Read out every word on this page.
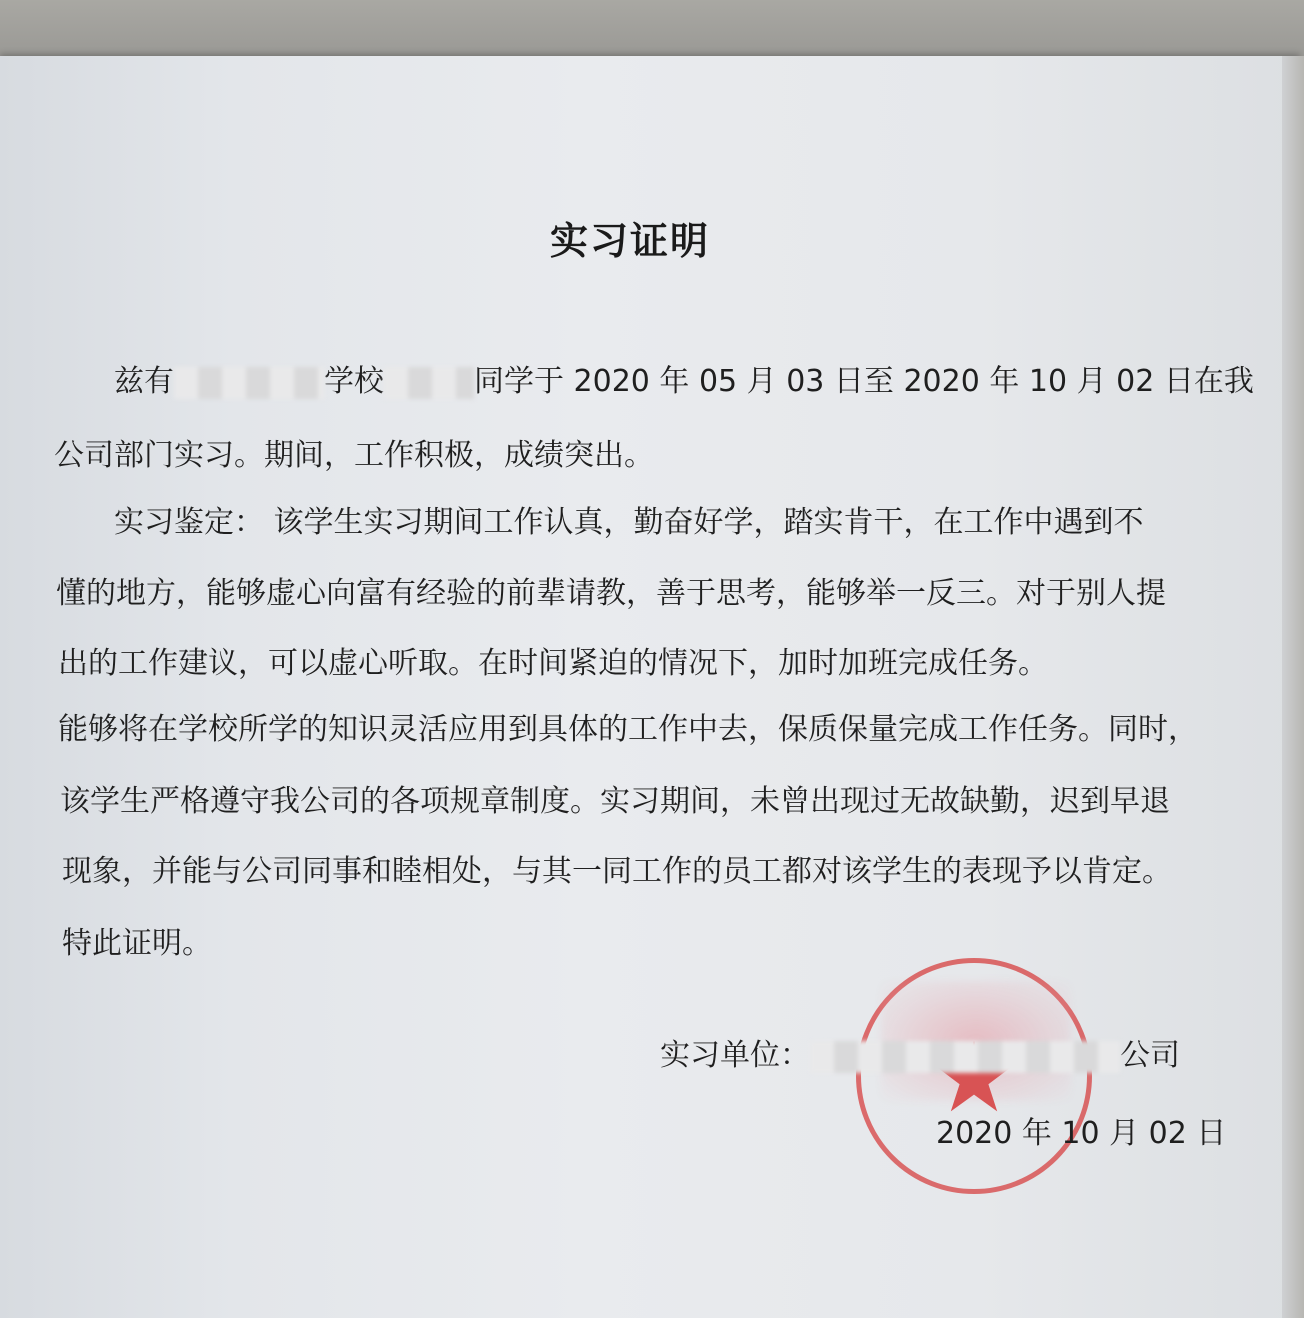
实习证明
兹有	学校	同学于 2020 年 05 月 03 日至 2020 年 10 月 02 日在我
公司部门实习。期间，工作积极，成绩突出。
实习鉴定： 该学生实习期间工作认真，勤奋好学，踏实肯干，在工作中遇到不
懂的地方，能够虚心向富有经验的前辈请教，善于思考，能够举一反三。对于别人提
出的工作建议，可以虚心听取。在时间紧迫的情况下，加时加班完成任务。
能够将在学校所学的知识灵活应用到具体的工作中去，保质保量完成工作任务。同时，
该学生严格遵守我公司的各项规章制度。实习期间，未曾出现过无故缺勤，迟到早退
现象，并能与公司同事和睦相处，与其一同工作的员工都对该学生的表现予以肯定。
特此证明。
实习单位：	公司
2020 年 10 月 02 日
